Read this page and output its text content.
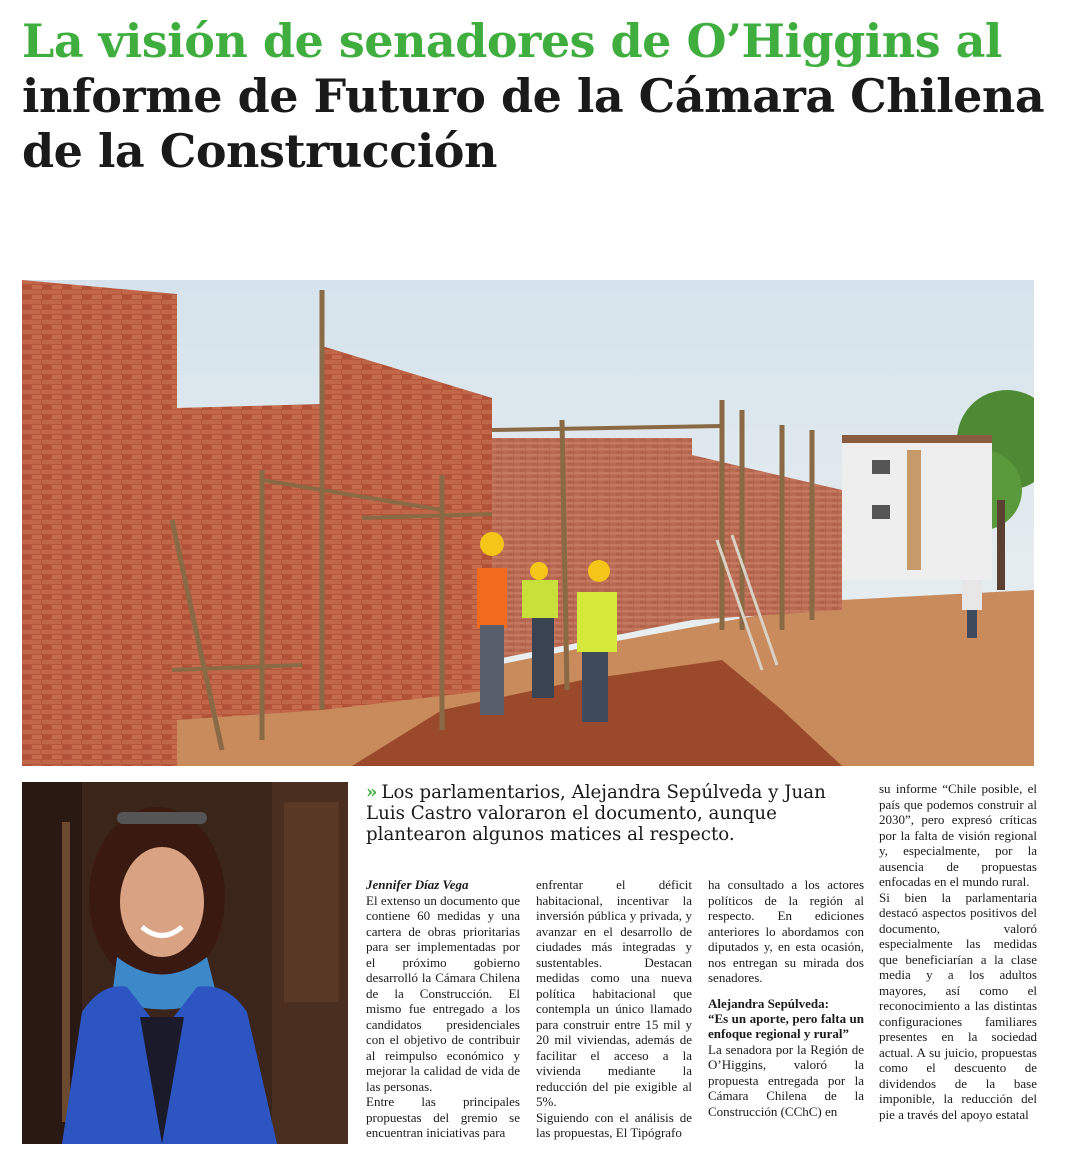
La visión de senadores de O’Higgins al
informe de Futuro de la Cámara Chilena
de la Construcción
» Los parlamentarios, Alejandra Sepúlveda y Juan Luis Castro valoraron el documento, aunque plantearon algunos matices al respecto.

Jennifer Díaz Vega

El extenso un documento que contiene 60 medidas y una cartera de obras prioritarias para ser implementadas por el próximo gobierno desarrolló la Cámara Chilena de la Construcción. El mismo fue entregado a los candidatos presidenciales con el objetivo de contribuir al reimpulso económico y mejorar la calidad de vida de las personas.

Entre las principales propuestas del gremio se encuentran iniciativas para

enfrentar el déficit habitacional, incentivar la inversión pública y privada, y avanzar en el desarrollo de ciudades más integradas y sustentables. Destacan medidas como una nueva política habitacional que contempla un único llamado para construir entre 15 mil y 20 mil viviendas, además de facilitar el acceso a la vivienda mediante la reducción del pie exigible al 5%.

Siguiendo con el análisis de las propuestas, El Tipógrafo

ha consultado a los actores políticos de la región al respecto. En ediciones anteriores lo abordamos con diputados y, en esta ocasión, nos entregan su mirada dos senadores.

Alejandra Sepúlveda:

“Es un aporte, pero falta un enfoque regional y rural”

La senadora por la Región de O’Higgins, valoró la propuesta entregada por la Cámara Chilena de la Construcción (CChC) en

su informe “Chile posible, el país que podemos construir al 2030”, pero expresó críticas por la falta de visión regional y, especialmente, por la ausencia de propuestas enfocadas en el mundo rural.

Si bien la parlamentaria destacó aspectos positivos del documento, valoró especialmente las medidas que beneficiarían a la clase media y a los adultos mayores, así como el reconocimiento a las distintas configuraciones familiares presentes en la sociedad actual. A su juicio, propuestas como el descuento de dividendos de la base imponible, la reducción del pie a través del apoyo estatal
